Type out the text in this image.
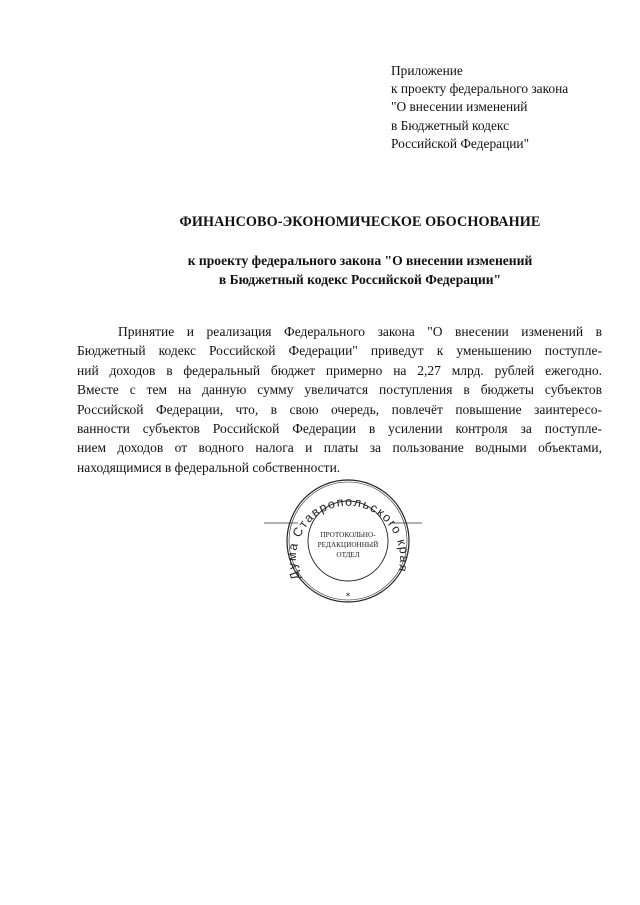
Приложение
к проекту федерального закона
"О внесении изменений
в Бюджетный кодекс
Российской Федерации"
ФИНАНСОВО-ЭКОНОМИЧЕСКОЕ ОБОСНОВАНИЕ
к проекту федерального закона "О внесении изменений
в Бюджетный кодекс Российской Федерации"
Принятие и реализация Федерального закона "О внесении изменений в
Бюджетный кодекс Российской Федерации" приведут к уменьшению поступле-
ний доходов в федеральный бюджет примерно на 2,27 млрд. рублей ежегодно.
Вместе с тем на данную сумму увеличатся поступления в бюджеты субъектов
Российской Федерации, что, в свою очередь, повлечёт повышение заинтересо-
ванности субъектов Российской Федерации в усилении контроля за поступле-
нием доходов от водного налога и платы за пользование водными объектами,
находящимися в федеральной собственности.
Дума Ставропольского края
ПРОТОКОЛЬНО-
РЕДАКЦИОННЫЙ
ОТДЕЛ
*
